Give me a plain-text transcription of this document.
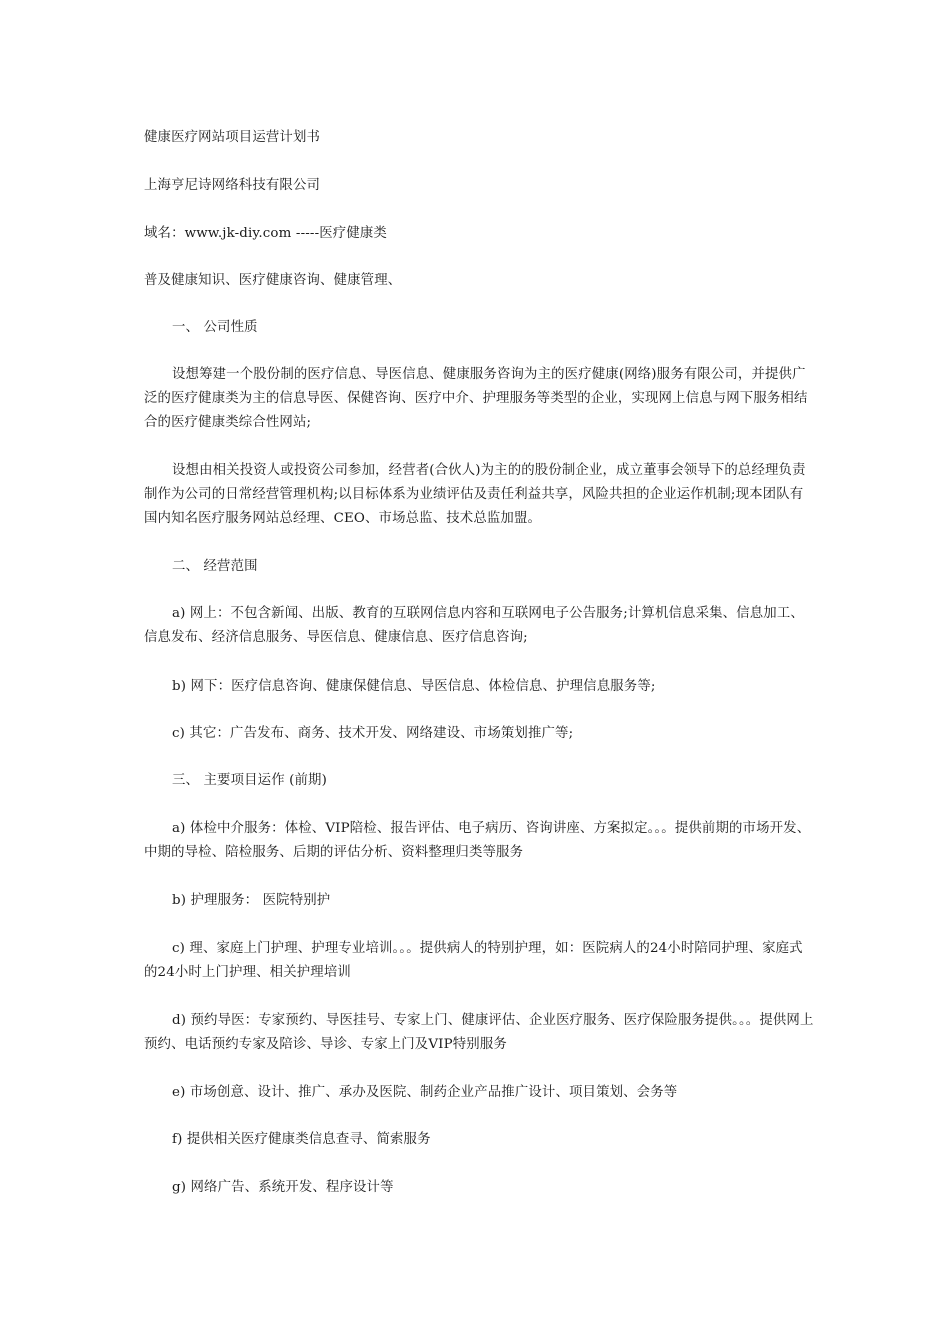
健康医疗网站项目运营计划书
上海亨尼诗网络科技有限公司
域名：www.jk-diy.com -----医疗健康类
普及健康知识、医疗健康咨询、健康管理、
一、 公司性质
设想筹建一个股份制的医疗信息、导医信息、健康服务咨询为主的医疗健康(网络)服务有限公司，并提供广泛的医疗健康类为主的信息导医、保健咨询、医疗中介、护理服务等类型的企业，实现网上信息与网下服务相结合的医疗健康类综合性网站;
设想由相关投资人或投资公司参加，经营者(合伙人)为主的的股份制企业，成立董事会领导下的总经理负责制作为公司的日常经营管理机构;以目标体系为业绩评估及责任利益共享，风险共担的企业运作机制;现本团队有国内知名医疗服务网站总经理、CEO、市场总监、技术总监加盟。
二、 经营范围
a) 网上：不包含新闻、出版、教育的互联网信息内容和互联网电子公告服务;计算机信息采集、信息加工、信息发布、经济信息服务、导医信息、健康信息、医疗信息咨询;
b) 网下：医疗信息咨询、健康保健信息、导医信息、体检信息、护理信息服务等;
c) 其它：广告发布、商务、技术开发、网络建设、市场策划推广等;
三、 主要项目运作 (前期)
a) 体检中介服务：体检、VIP陪检、报告评估、电子病历、咨询讲座、方案拟定。。。提供前期的市场开发、中期的导检、陪检服务、后期的评估分析、资料整理归类等服务
b) 护理服务： 医院特别护
c) 理、家庭上门护理、护理专业培训。。。提供病人的特别护理，如：医院病人的24小时陪同护理、家庭式的24小时上门护理、相关护理培训
d) 预约导医：专家预约、导医挂号、专家上门、健康评估、企业医疗服务、医疗保险服务提供。。。提供网上预约、电话预约专家及陪诊、导诊、专家上门及VIP特别服务
e) 市场创意、设计、推广、承办及医院、制药企业产品推广设计、项目策划、会务等
f) 提供相关医疗健康类信息查寻、简索服务
g) 网络广告、系统开发、程序设计等
